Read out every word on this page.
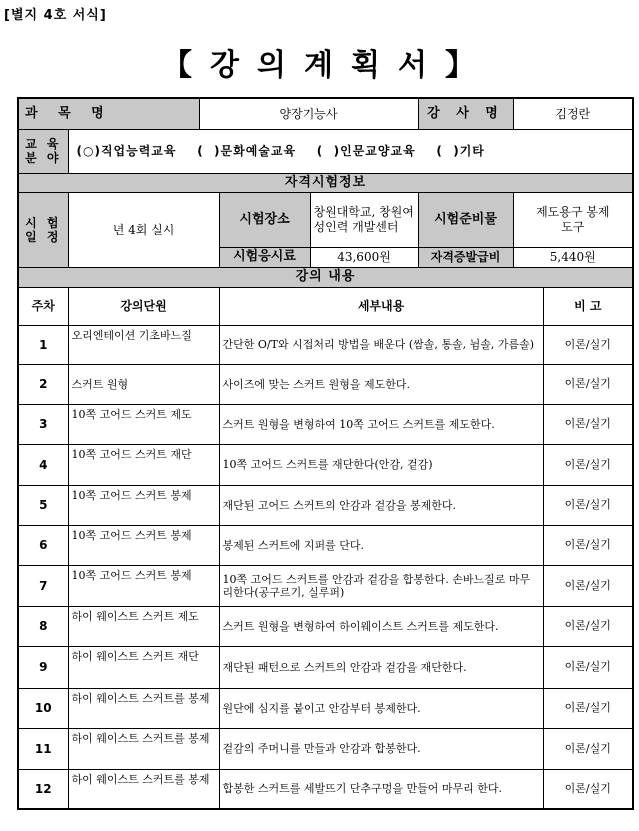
[별지 4호 서식]
【 강 의 계 획 서 】
과 목 명		양장기능사			강 사 명	김정란	
교 육 분 야	(○)직업능력교육    (  )문화예술교육    (  )인문교양교육    (  )기타						
자격시험정보							
시 험 일 정	년 4회 실시		시험장소	창원대학교, 창원여성인력 개발센터	시험준비물	제도용구 봉제도구	
			시험응시료	43,600원	자격증발급비	5,440원	
강의 내용							
주차	강의단원		세부내용				비 고
1	오리엔테이션 기초바느질		간단한 O/T와 시접처리 방법을 배운다 (쌈솔, 통솔, 뉨솔, 가름솔)				이론/실기
2	스커트 원형		사이즈에 맞는 스커트 원형을 제도한다.				이론/실기
3	10쪽 고어드 스커트 제도		스커트 원형을 변형하여 10쪽 고어드 스커트를 제도한다.				이론/실기
4	10쪽 고어드 스커트 재단		10쪽 고어드 스커트를 재단한다(안감, 겉감)				이론/실기
5	10쪽 고어드 스커트 봉제		재단된 고어드 스커트의 안감과 겉감을 봉제한다.				이론/실기
6	10쪽 고어드 스커트 봉제		봉제된 스커트에 지퍼를 단다.				이론/실기
7	10쪽 고어드 스커트 봉제		10쪽 고어드 스커트를 안감과 겉감을 합봉한다. 손바느질로 마무리한다(공구르기, 실루퍼)				이론/실기
8	하이 웨이스트 스커트 제도		스커트 원형을 변형하여 하이웨이스트 스커트를 제도한다.				이론/실기
9	하이 웨이스트 스커트 재단		재단된 패턴으로 스커트의 안감과 겉감을 재단한다.				이론/실기
10	하이 웨이스트 스커트를 봉제		원단에 심지를 붙이고 안감부터 봉제한다.				이론/실기
11	하이 웨이스트 스커트를 봉제		겉감의 주머니를 만들과 안감과 합봉한다.				이론/실기
12	하이 웨이스트 스커트를 봉제		합봉한 스커트를 세발뜨기 단추구멍을 만들어 마무리 한다.				이론/실기
